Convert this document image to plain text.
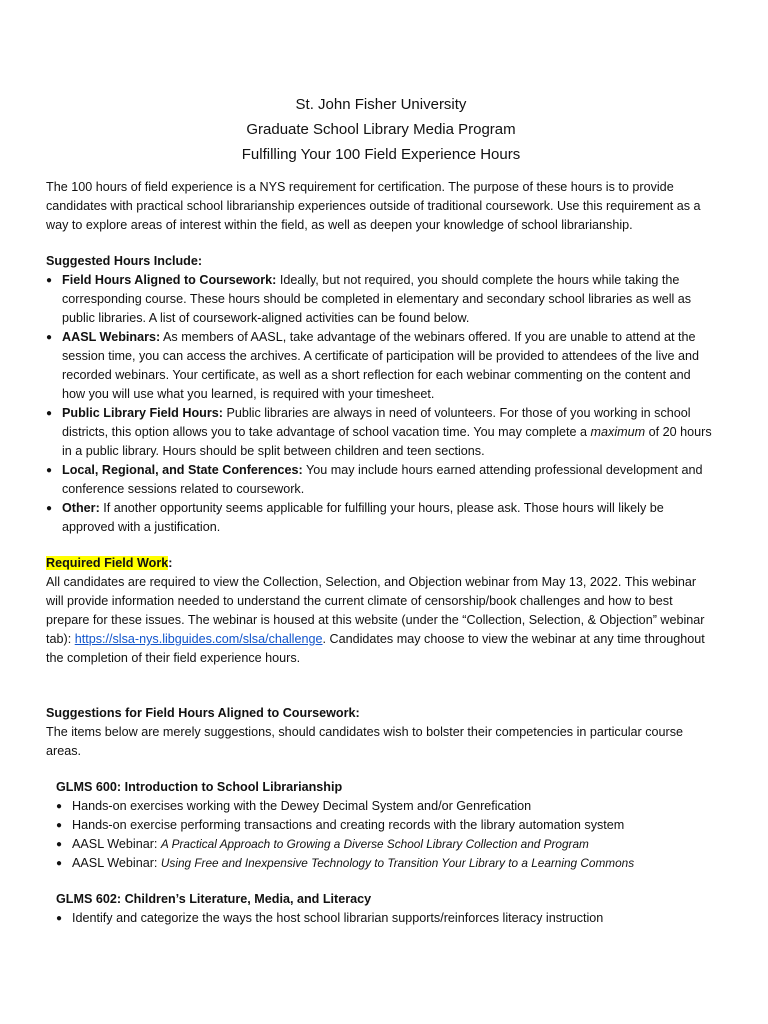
St. John Fisher University
Graduate School Library Media Program
Fulfilling Your 100 Field Experience Hours

The 100 hours of field experience is a NYS requirement for certification. The purpose of these hours is to provide candidates with practical school librarianship experiences outside of traditional coursework. Use this requirement as a way to explore areas of interest within the field, as well as deepen your knowledge of school librarianship.

Suggested Hours Include:

● Field Hours Aligned to Coursework: Ideally, but not required, you should complete the hours while taking the corresponding course. These hours should be completed in elementary and secondary school libraries as well as public libraries. A list of coursework-aligned activities can be found below.
● AASL Webinars: As members of AASL, take advantage of the webinars offered. If you are unable to attend at the session time, you can access the archives. A certificate of participation will be provided to attendees of the live and recorded webinars. Your certificate, as well as a short reflection for each webinar commenting on the content and how you will use what you learned, is required with your timesheet.
● Public Library Field Hours: Public libraries are always in need of volunteers. For those of you working in school districts, this option allows you to take advantage of school vacation time. You may complete a maximum of 20 hours in a public library. Hours should be split between children and teen sections.
● Local, Regional, and State Conferences: You may include hours earned attending professional development and conference sessions related to coursework.
● Other: If another opportunity seems applicable for fulfilling your hours, please ask. Those hours will likely be approved with a justification.

Required Field Work:

All candidates are required to view the Collection, Selection, and Objection webinar from May 13, 2022. This webinar will provide information needed to understand the current climate of censorship/book challenges and how to best prepare for these issues. The webinar is housed at this website (under the “Collection, Selection, & Objection” webinar tab): https://slsa-nys.libguides.com/slsa/challenge. Candidates may choose to view the webinar at any time throughout the completion of their field experience hours.

Suggestions for Field Hours Aligned to Coursework:

The items below are merely suggestions, should candidates wish to bolster their competencies in particular course areas.

GLMS 600: Introduction to School Librarianship

● Hands-on exercises working with the Dewey Decimal System and/or Genrefication
● Hands-on exercise performing transactions and creating records with the library automation system
● AASL Webinar: A Practical Approach to Growing a Diverse School Library Collection and Program
● AASL Webinar: Using Free and Inexpensive Technology to Transition Your Library to a Learning Commons

GLMS 602: Children’s Literature, Media, and Literacy

● Identify and categorize the ways the host school librarian supports/reinforces literacy instruction
